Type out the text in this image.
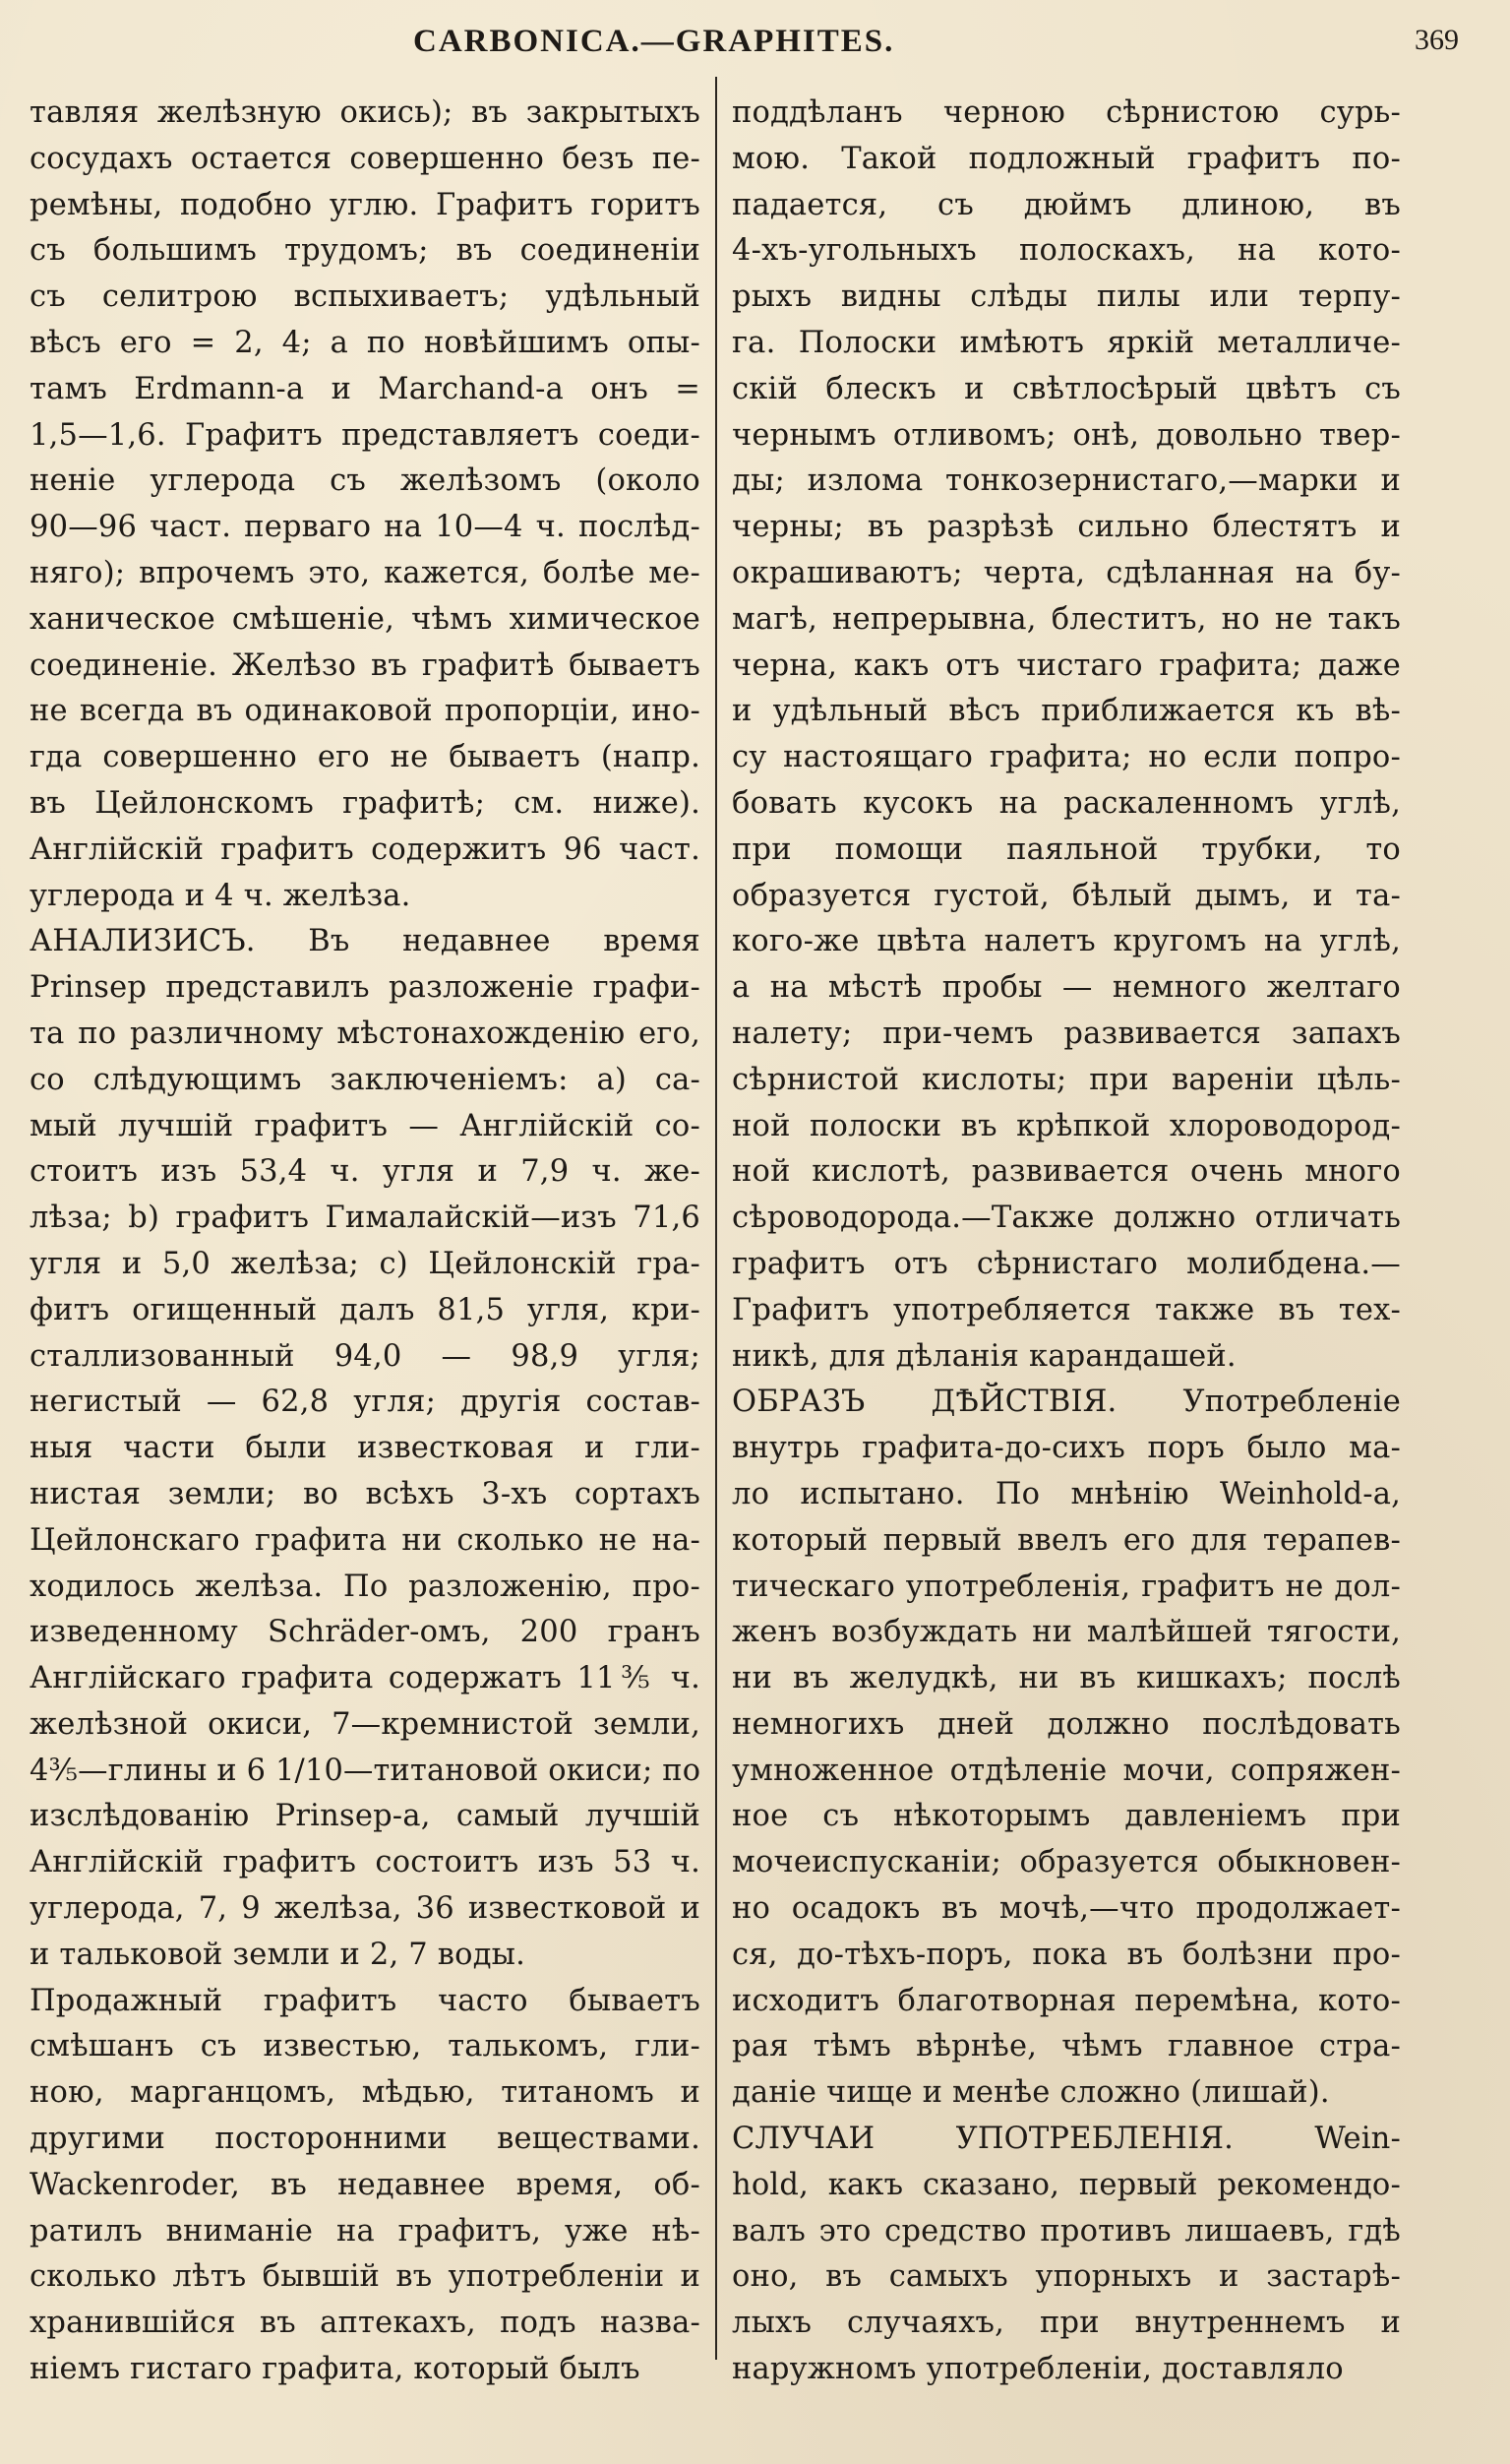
CARBONICA.—GRAPHITES.	369
тавляя желѣзную окись); въ закрытыхъ
сосудахъ остается совершенно безъ пе-
ремѣны, подобно углю. Графитъ горитъ
съ большимъ трудомъ; въ соединеніи
съ селитрою вспыхиваетъ; удѣльный
вѣсъ его = 2, 4; а по новѣйшимъ опы-
тамъ Erdmann-а и Marchand-а онъ =
1,5—1,6. Графитъ представляетъ соеди-
неніе углерода съ желѣзомъ (около
90—96 част. перваго на 10—4 ч. послѣд-
няго); впрочемъ это, кажется, болѣе ме-
ханическое смѣшеніе, чѣмъ химическое
соединеніе. Желѣзо въ графитѣ бываетъ
не всегда въ одинаковой пропорціи, ино-
гда совершенно его не бываетъ (напр.
въ Цейлонскомъ графитѣ; см. ниже).
Англійскій графитъ содержитъ 96 част.
углерода и 4 ч. желѣза.
АНАЛИЗИСЪ. Въ недавнее время
Prinsep представилъ разложеніе графи-
та по различному мѣстонахожденію его,
со слѣдующимъ заключеніемъ: a) са-
мый лучшій графитъ — Англійскій со-
стоитъ изъ 53,4 ч. угля и 7,9 ч. же-
лѣза; b) графитъ Гималайскій—изъ 71,6
угля и 5,0 желѣза; c) Цейлонскій гра-
фитъ огищенный далъ 81,5 угля, кри-
сталлизованный 94,0 — 98,9 угля;
негистый — 62,8 угля; другія состав-
ныя части были известковая и гли-
нистая земли; во всѣхъ 3-хъ сортахъ
Цейлонскаго графита ни сколько не на-
ходилось желѣза. По разложенію, про-
изведенному Schräder-омъ, 200 гранъ
Англійскаго графита содержатъ 11⅗ ч.
желѣзной окиси, 7—кремнистой земли,
4⅗—глины и 6 1/10—титановой окиси; по
изслѣдованію Prinsep-а, самый лучшій
Англійскій графитъ состоитъ изъ 53 ч.
углерода, 7, 9 желѣза, 36 известковой и
и тальковой земли и 2, 7 воды.
Продажный графитъ часто бываетъ
смѣшанъ съ известью, талькомъ, гли-
ною, марганцомъ, мѣдью, титаномъ и
другими посторонними веществами.
Wackenroder, въ недавнее время, об-
ратилъ вниманіе на графитъ, уже нѣ-
сколько лѣтъ бывшій въ употребленіи и
хранившійся въ аптекахъ, подъ назва-
ніемъ гистаго графита, который былъ
поддѣланъ черною сѣрнистою сурь-
мою. Такой подложный графитъ по-
падается, съ дюймъ длиною, въ
4-хъ-угольныхъ полоскахъ, на кото-
рыхъ видны слѣды пилы или терпу-
га. Полоски имѣютъ яркій металличе-
скій блескъ и свѣтлосѣрый цвѣтъ съ
чернымъ отливомъ; онѣ, довольно твер-
ды; излома тонкозернистаго,—марки и
черны; въ разрѣзѣ сильно блестятъ и
окрашиваютъ; черта, сдѣланная на бу-
магѣ, непрерывна, блеститъ, но не такъ
черна, какъ отъ чистаго графита; даже
и удѣльный вѣсъ приближается къ вѣ-
су настоящаго графита; но если попро-
бовать кусокъ на раскаленномъ углѣ,
при помощи паяльной трубки, то
образуется густой, бѣлый дымъ, и та-
кого-же цвѣта налетъ кругомъ на углѣ,
а на мѣстѣ пробы — немного желтаго
налету; при-чемъ развивается запахъ
сѣрнистой кислоты; при вареніи цѣль-
ной полоски въ крѣпкой хлороводород-
ной кислотѣ, развивается очень много
сѣроводорода.—Также должно отличать
графитъ отъ сѣрнистаго молибдена.—
Графитъ употребляется также въ тех-
никѣ, для дѣланія карандашей.
ОБРАЗЪ ДѢЙСТВІЯ. Употребленіе
внутрь графита-до-сихъ поръ было ма-
ло испытано. По мнѣнію Weinhold-а,
который первый ввелъ его для терапев-
тическаго употребленія, графитъ не дол-
женъ возбуждать ни малѣйшей тягости,
ни въ желудкѣ, ни въ кишкахъ; послѣ
немногихъ дней должно послѣдовать
умноженное отдѣленіе мочи, сопряжен-
ное съ нѣкоторымъ давленіемъ при
мочеиспусканіи; образуется обыкновен-
но осадокъ въ мочѣ,—что продолжает-
ся, до-тѣхъ-поръ, пока въ болѣзни про-
исходитъ благотворная перемѣна, кото-
рая тѣмъ вѣрнѣе, чѣмъ главное стра-
даніе чище и менѣе сложно (лишай).
СЛУЧАИ УПОТРЕБЛЕНІЯ. Wein-
hold, какъ сказано, первый рекомендо-
валъ это средство противъ лишаевъ, гдѣ
оно, въ самыхъ упорныхъ и застарѣ-
лыхъ случаяхъ, при внутреннемъ и
наружномъ употребленіи, доставляло
